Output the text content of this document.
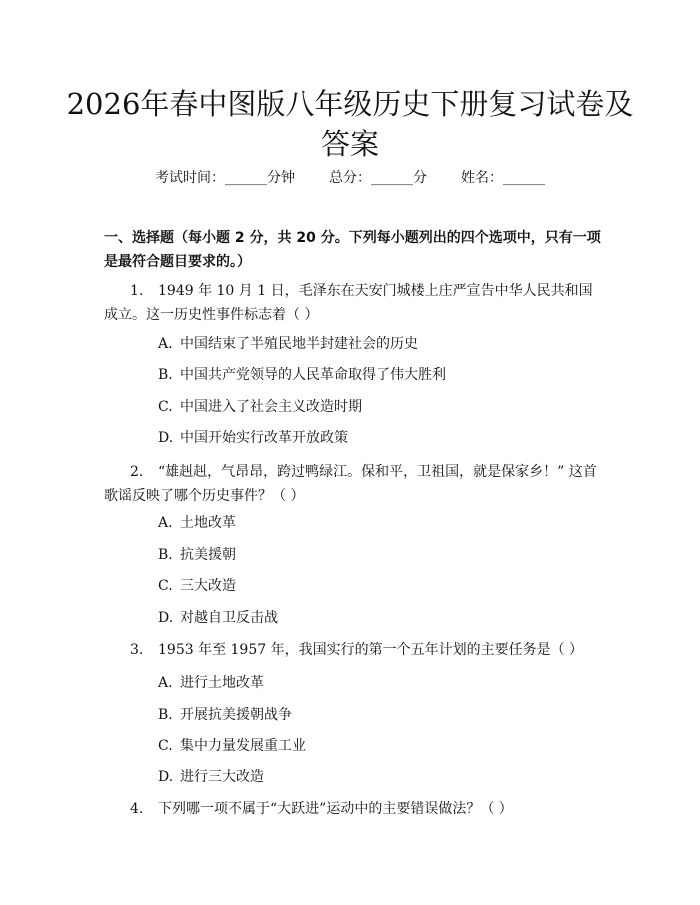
2026年春中图版八年级历史下册复习试卷及答案
考试时间：______分钟 总分：______分 姓名：______
一、选择题（每小题 2 分，共 20 分。下列每小题列出的四个选项中，只有一项是最符合题目要求的。）
1. 1949 年 10 月 1 日，毛泽东在天安门城楼上庄严宣告中华人民共和国成立。这一历史性事件标志着（ ）
A. 中国结束了半殖民地半封建社会的历史
B. 中国共产党领导的人民革命取得了伟大胜利
C. 中国进入了社会主义改造时期
D. 中国开始实行改革开放政策
2. “雄赳赳，气昂昂，跨过鸭绿江。保和平，卫祖国，就是保家乡！” 这首歌谣反映了哪个历史事件？（ ）
A. 土地改革
B. 抗美援朝
C. 三大改造
D. 对越自卫反击战
3. 1953 年至 1957 年，我国实行的第一个五年计划的主要任务是（ ）
A. 进行土地改革
B. 开展抗美援朝战争
C. 集中力量发展重工业
D. 进行三大改造
4. 下列哪一项不属于“大跃进”运动中的主要错误做法？（ ）
